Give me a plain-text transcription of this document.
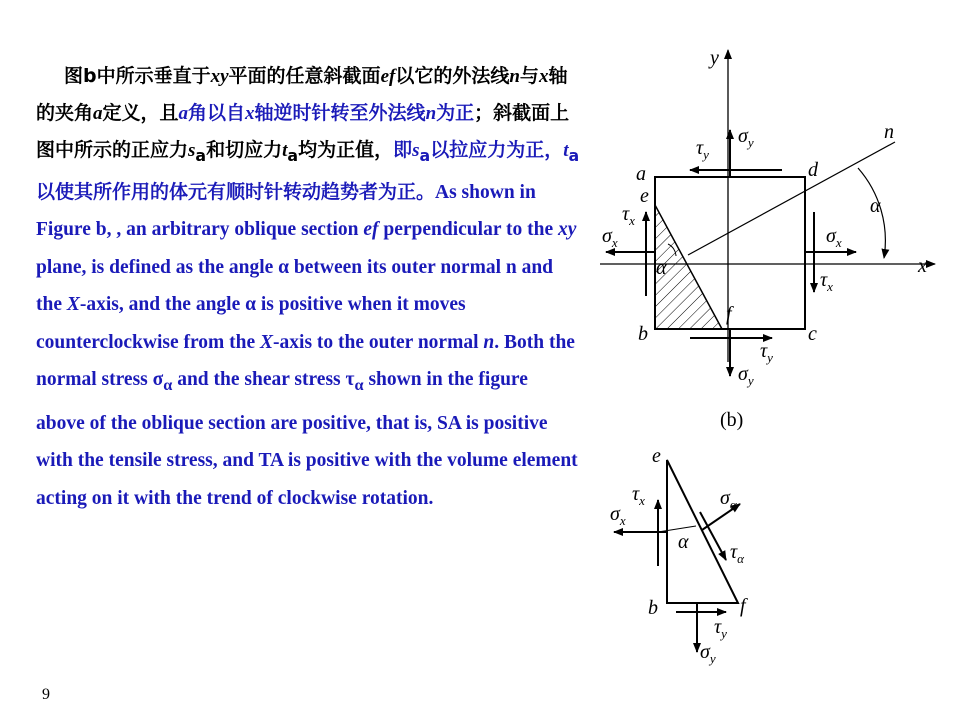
图b中所示垂直于xy平面的任意斜截面ef以它的外法线n与x轴的夹角a定义，且a角以自x轴逆时针转至外法线n为正；斜截面上图中所示的正应力$s_a$和切应力$t_a$均为正值，即$s_a$以拉应力为正，$t_a$以使其所作用的体元有顺时针转动趋势者为正。As shown in Figure b, , an arbitrary oblique section ef perpendicular to the xy plane, is defined as the angle α between its outer normal n and the X-axis, and the angle α is positive when it moves counterclockwise from the X-axis to the outer normal n. Both the normal stress $\sigma_\alpha$ and the shear stress $\tau_\alpha$ shown in the figure above of the oblique section are positive, that is, SA is positive with the tensile stress, and TA is positive with the volume element acting on it with the trend of clockwise rotation.

9
y
x
n
α
α
a
e
d
b	c
f
$\sigma_y$
$\tau_y$
$\tau_y$
$\sigma_y$
$\sigma_x$
$\tau_x$
$\sigma_x$
$\tau_x$
(b)
e
b	f
$\sigma_x$
$\tau_x$
α
$\sigma_\alpha$
$\tau_\alpha$
$\tau_y$
$\sigma_y$
